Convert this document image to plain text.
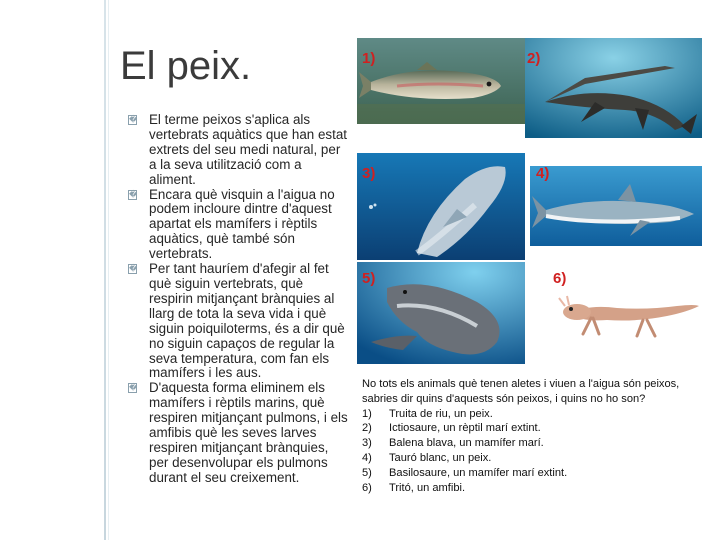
El peix.
� El terme peixos s'aplica als vertebrats aquàtics que han estat extrets del seu medi natural, per a la seva utilització com a aliment.
� Encara què visquin a l'aigua no podem incloure dintre d'aquest apartat els mamífers i rèptils aquàtics, què també són vertebrats.
� Per tant hauríem d'afegir al fet què siguin vertebrats, què respirin mitjançant brànquies al llarg de tota la seva vida i què siguin poiquiloterms, és a dir què no siguin capaços de regular la seva temperatura, com fan els mamífers i les aus.
� D'aquesta forma eliminem els mamífers i rèptils marins, què respiren mitjançant pulmons, i els amfibis què les seves larves respiren mitjançant brànquies, per desenvolupar els pulmons durant el seu creixement.
1)	2)
3)	4)
5)	6)

No tots els animals què tenen aletes i viuen a l'aigua són peixos, sabries dir quins d'aquests són peixos, i quins no ho son?

1)	Truita de riu, un peix.
2)	Ictiosaure, un rèptil marí extint.
3)	Balena blava, un mamífer marí.
4)	Tauró blanc, un peix.
5)	Basilosaure, un mamífer marí extint.
6)	Tritó, un amfibi.
